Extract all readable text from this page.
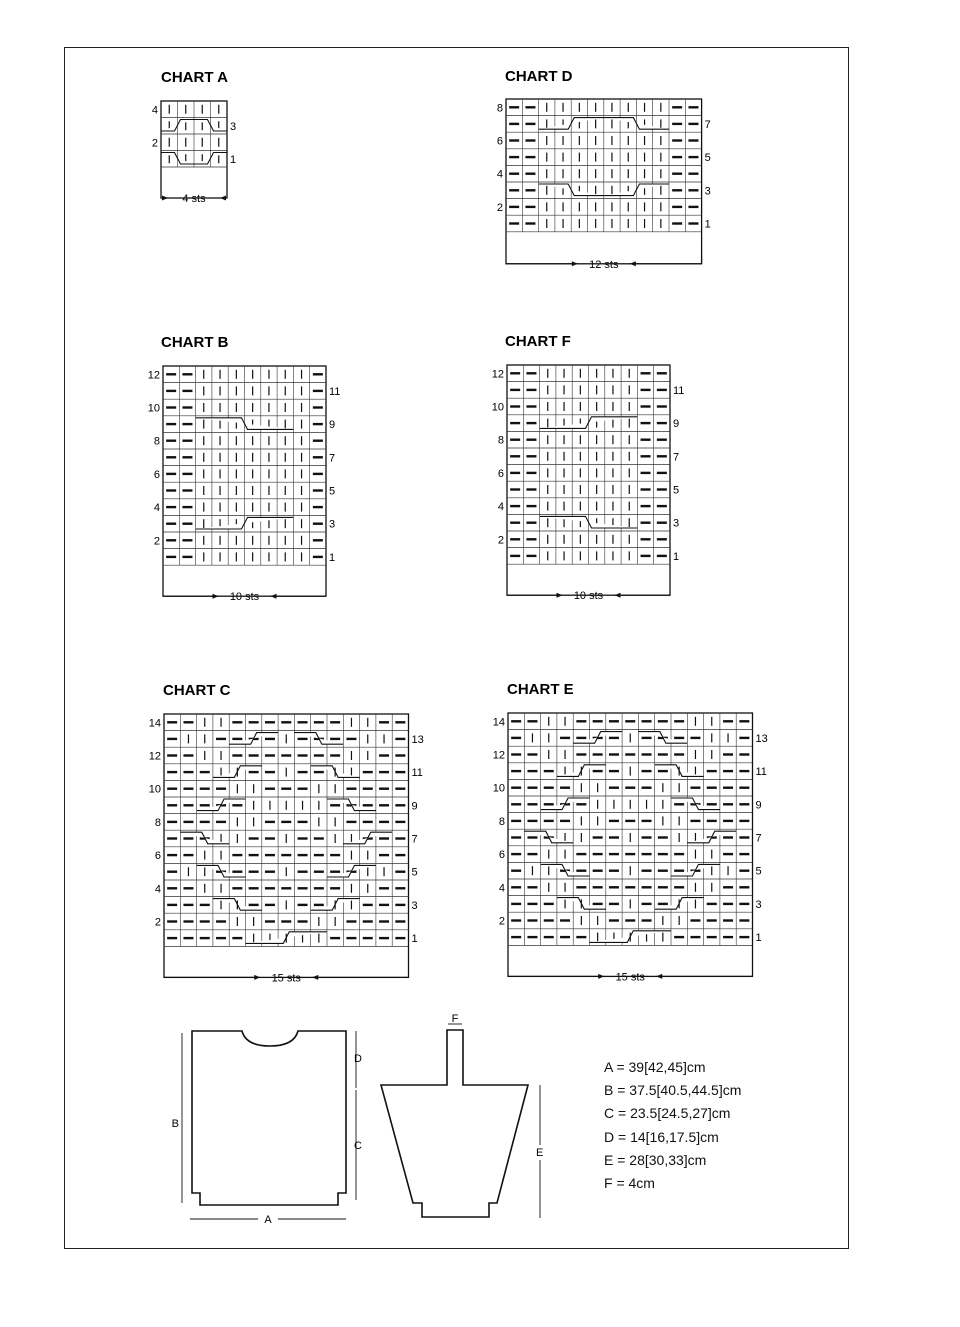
CHART A
CHART B
CHART C
CHART D
CHART E
CHART F
4 sts
10 sts
15 sts
12 sts
15 sts
10 sts
1
2
3
4
1
2
3
4
5
6
7
8
9
10
11
12
1
2
3
4
5
6
7
8
9
10
11
12
13
14
1
2
3
4
5
6
7
8
1
2
3
4
5
6
7
8
9
10
11
12
13
14
1
2
3
4
5
6
7
8
9
10
11
12
B
D
C
A
F
E
A = 39[42,45]cm
B = 37.5[40.5,44.5]cm
C = 23.5[24.5,27]cm
D = 14[16,17.5]cm
E = 28[30,33]cm
F = 4cm
